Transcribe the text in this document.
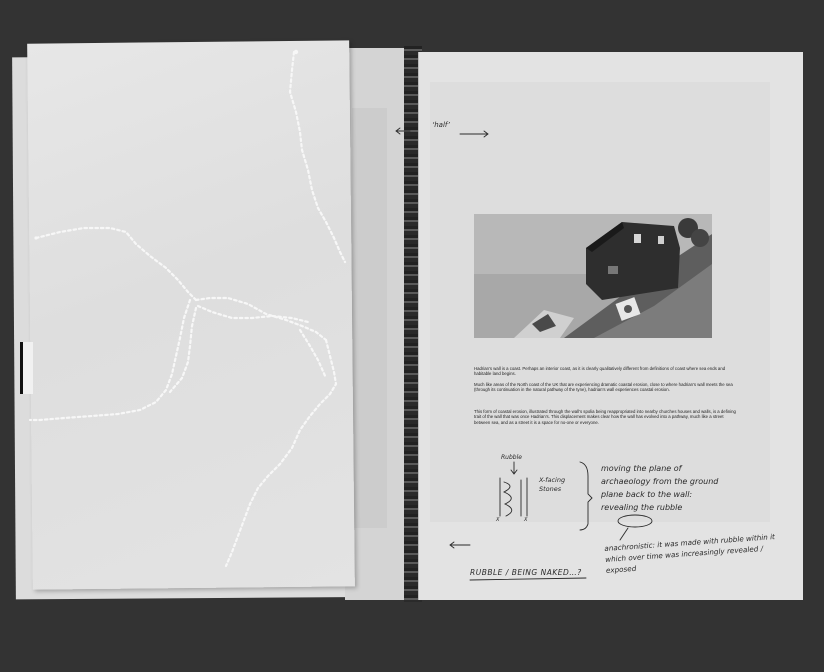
Hadrian’s wall is a coast. Perhaps an interior coast, as it is clearly qualitatively different from definitions of coast where sea ends and habitable land begins.

Much like areas of the North coast of the UK that are experiencing dramatic coastal erosion, close to where hadrian’s wall meets the sea (through its continuation in the natural pathway of the tyne), hadrian’s wall experiences coastal erosion.

This form of coastal erosion, illustrated through the wall’s spolia being reappropriated into nearby churches houses and walls, is a defining trait of the wall that was once Hadrian’s. This displacement makes clear how the wall has evolved into a pathway, much like a street between sea, and as a street it is a space for no-one or everyone.

‘half’

Rubble

X-facing Stones

X	X

moving the plane of archaeology from the ground plane back to the wall: revealing the rubble

anachronistic: it was made with rubble within it which over time was increasingly revealed / exposed

RUBBLE / BEING NAKED…?
